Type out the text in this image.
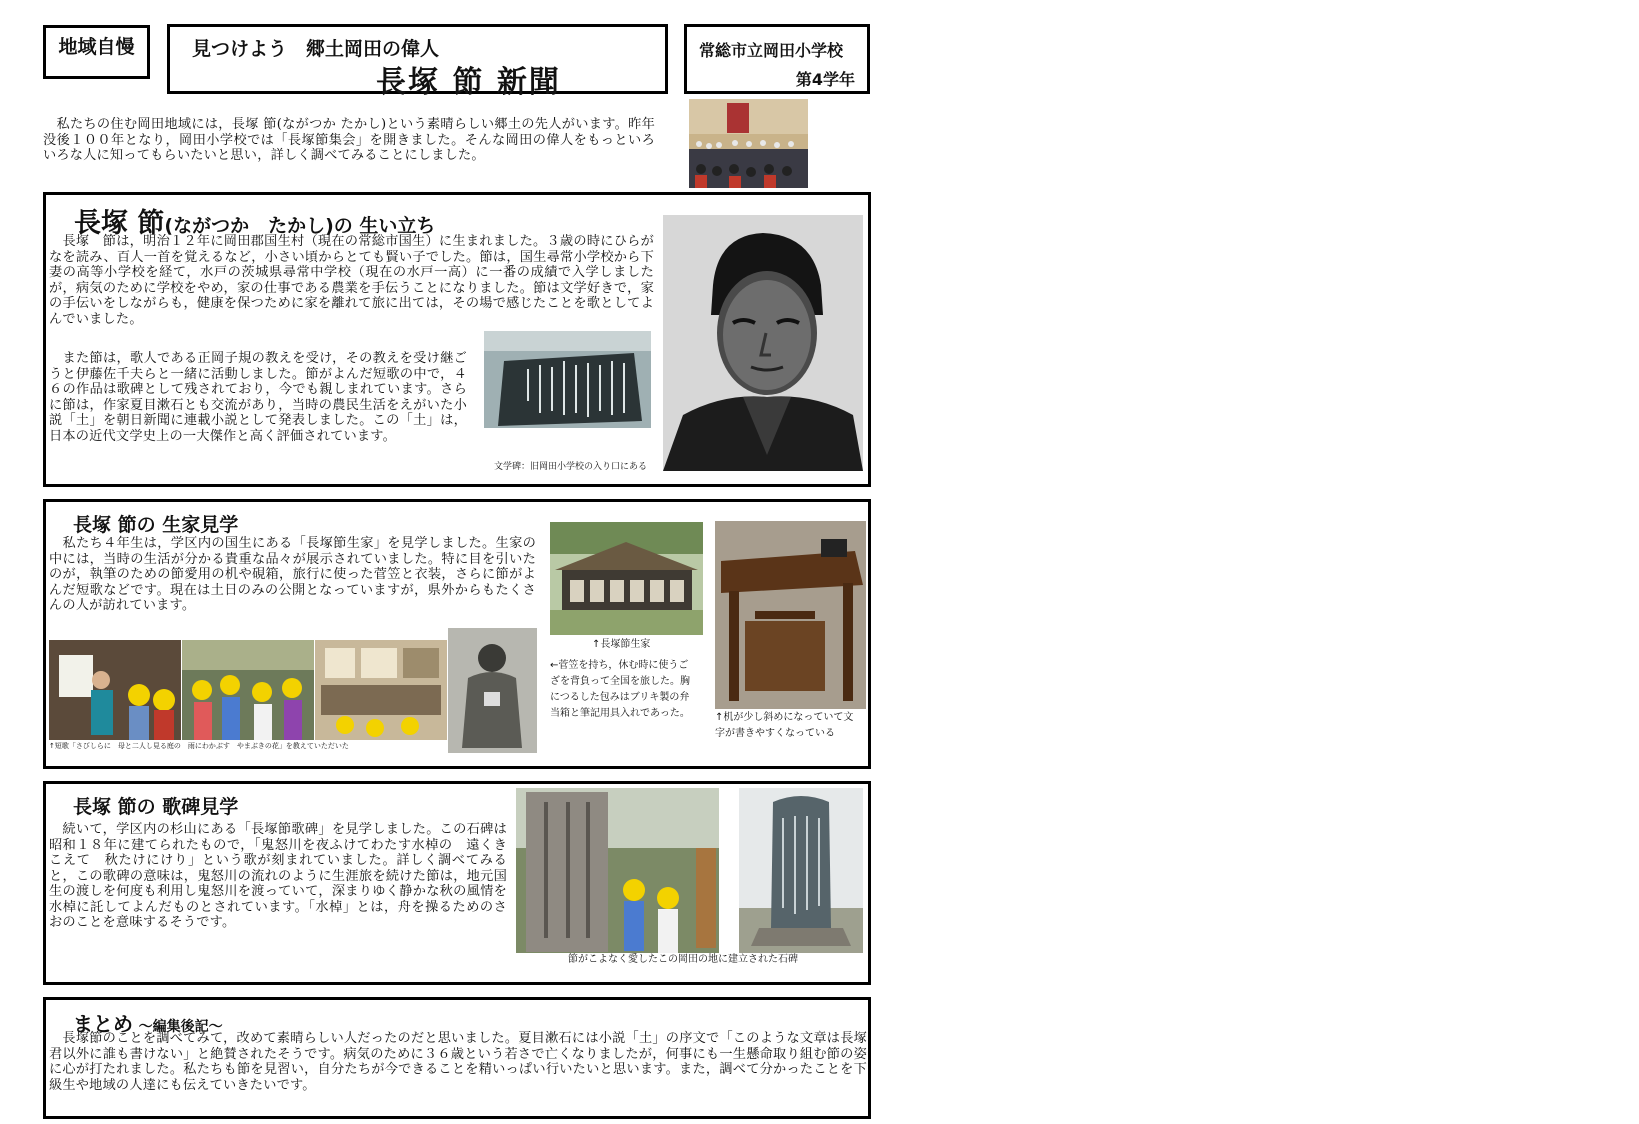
地域自慢	見つけよう　郷土岡田の偉人
長塚 節 新聞
常総市立岡田小学校
第4学年
　私たちの住む岡田地域には，長塚 節(ながつか たかし)という素晴らしい郷土の先人がいます。昨年没後１００年となり，岡田小学校では「長塚節集会」を開きました。そんな岡田の偉人をもっといろいろな人に知ってもらいたいと思い，詳しく調べてみることにしました。
長塚 節(ながつか　たかし)の 生い立ち
　長塚　節は，明治１２年に岡田郡国生村（現在の常総市国生）に生まれました。３歳の時にひらがなを読み、百人一首を覚えるなど，小さい頃からとても賢い子でした。節は，国生尋常小学校から下妻の高等小学校を経て，水戸の茨城県尋常中学校（現在の水戸一高）に一番の成績で入学しましたが，病気のために学校をやめ，家の仕事である農業を手伝うことになりました。節は文学好きで，家の手伝いをしながらも，健康を保つために家を離れて旅に出ては，その場で感じたことを歌としてよんでいました。
　また節は，歌人である正岡子規の教えを受け，その教えを受け継ごうと伊藤佐千夫らと一緒に活動しました。節がよんだ短歌の中で，４６の作品は歌碑として残されており，今でも親しまれています。さらに節は，作家夏目漱石とも交流があり，当時の農民生活をえがいた小説「土」を朝日新聞に連載小説として発表しました。この「土」は，日本の近代文学史上の一大傑作と高く評価されています。
文学碑：旧岡田小学校の入り口にある
長塚 節の 生家見学
　私たち４年生は，学区内の国生にある「長塚節生家」を見学しました。生家の中には，当時の生活が分かる貴重な品々が展示されていました。特に目を引いたのが，執筆のための節愛用の机や硯箱，旅行に使った菅笠と衣装，さらに節がよんだ短歌などです。現在は土日のみの公開となっていますが，県外からもたくさんの人が訪れています。
↑短歌「さびしらに　母と二人し見る庭の　雨にわかぶす　やまぶきの花」を教えていただいた
↑長塚節生家
←菅笠を持ち，休む時に使うござを背負って全国を旅した。胸につるした包みはブリキ製の弁当箱と筆記用具入れであった。	↑机が少し斜めになっていて文字が書きやすくなっている
長塚 節の 歌碑見学
　続いて，学区内の杉山にある「長塚節歌碑」を見学しました。この石碑は昭和１８年に建てられたもので，「鬼怒川を夜ふけてわたす水棹の　遠くきこえて　秋たけにけり」という歌が刻まれていました。詳しく調べてみると，この歌碑の意味は，鬼怒川の流れのように生涯旅を続けた節は，地元国生の渡しを何度も利用し鬼怒川を渡っていて，深まりゆく静かな秋の風情を水棹に託してよんだものとされています。「水棹」とは，舟を操るためのさおのことを意味するそうです。
節がこよなく愛したこの岡田の地に建立された石碑
まとめ ～編集後記～
　長塚節のことを調べてみて，改めて素晴らしい人だったのだと思いました。夏目漱石には小説「土」の序文で「このような文章は長塚君以外に誰も書けない」と絶賛されたそうです。病気のために３６歳という若さで亡くなりましたが，何事にも一生懸命取り組む節の姿に心が打たれました。私たちも節を見習い，自分たちが今できることを精いっぱい行いたいと思います。また，調べて分かったことを下級生や地域の人達にも伝えていきたいです。
